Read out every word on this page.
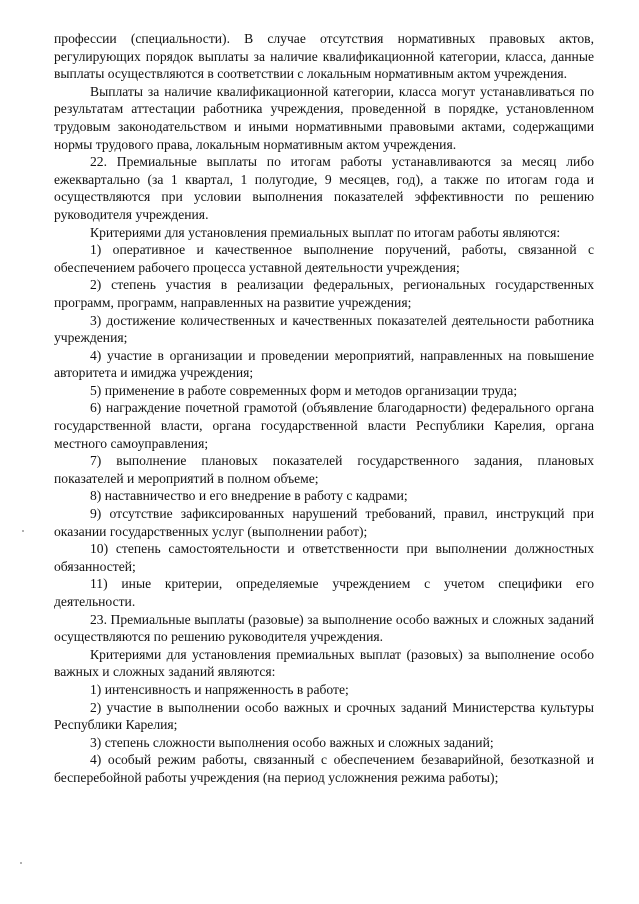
профессии (специальности). В случае отсутствия нормативных правовых актов, регулирующих порядок выплаты за наличие квалификационной категории, класса, данные выплаты осуществляются в соответствии с локальным нормативным актом учреждения.

Выплаты за наличие квалификационной категории, класса могут устанавливаться по результатам аттестации работника учреждения, проведенной в порядке, установленном трудовым законодательством и иными нормативными правовыми актами, содержащими нормы трудового права, локальным нормативным актом учреждения.

22. Премиальные выплаты по итогам работы устанавливаются за месяц либо ежеквартально (за 1 квартал, 1 полугодие, 9 месяцев, год), а также по итогам года и осуществляются при условии выполнения показателей эффективности по решению руководителя учреждения.

Критериями для установления премиальных выплат по итогам работы являются:

1) оперативное и качественное выполнение поручений, работы, связанной с обеспечением рабочего процесса уставной деятельности учреждения;

2) степень участия в реализации федеральных, региональных государственных программ, программ, направленных на развитие учреждения;

3) достижение количественных и качественных показателей деятельности работника учреждения;

4) участие в организации и проведении мероприятий, направленных на повышение авторитета и имиджа учреждения;

5) применение в работе современных форм и методов организации труда;

6) награждение почетной грамотой (объявление благодарности) федерального органа государственной власти, органа государственной власти Республики Карелия, органа местного самоуправления;

7) выполнение плановых показателей государственного задания, плановых показателей и мероприятий в полном объеме;

8) наставничество и его внедрение в работу с кадрами;

9) отсутствие зафиксированных нарушений требований, правил, инструкций при оказании государственных услуг (выполнении работ);

10) степень самостоятельности и ответственности при выполнении должностных обязанностей;

11) иные критерии, определяемые учреждением с учетом специфики его деятельности.

23. Премиальные выплаты (разовые) за выполнение особо важных и сложных заданий осуществляются по решению руководителя учреждения.

Критериями для установления премиальных выплат (разовых) за выполнение особо важных и сложных заданий являются:

1) интенсивность и напряженность в работе;

2) участие в выполнении особо важных и срочных заданий Министерства культуры Республики Карелия;

3) степень сложности выполнения особо важных и сложных заданий;

4) особый режим работы, связанный с обеспечением безаварийной, безотказной и бесперебойной работы учреждения (на период усложнения режима работы);
